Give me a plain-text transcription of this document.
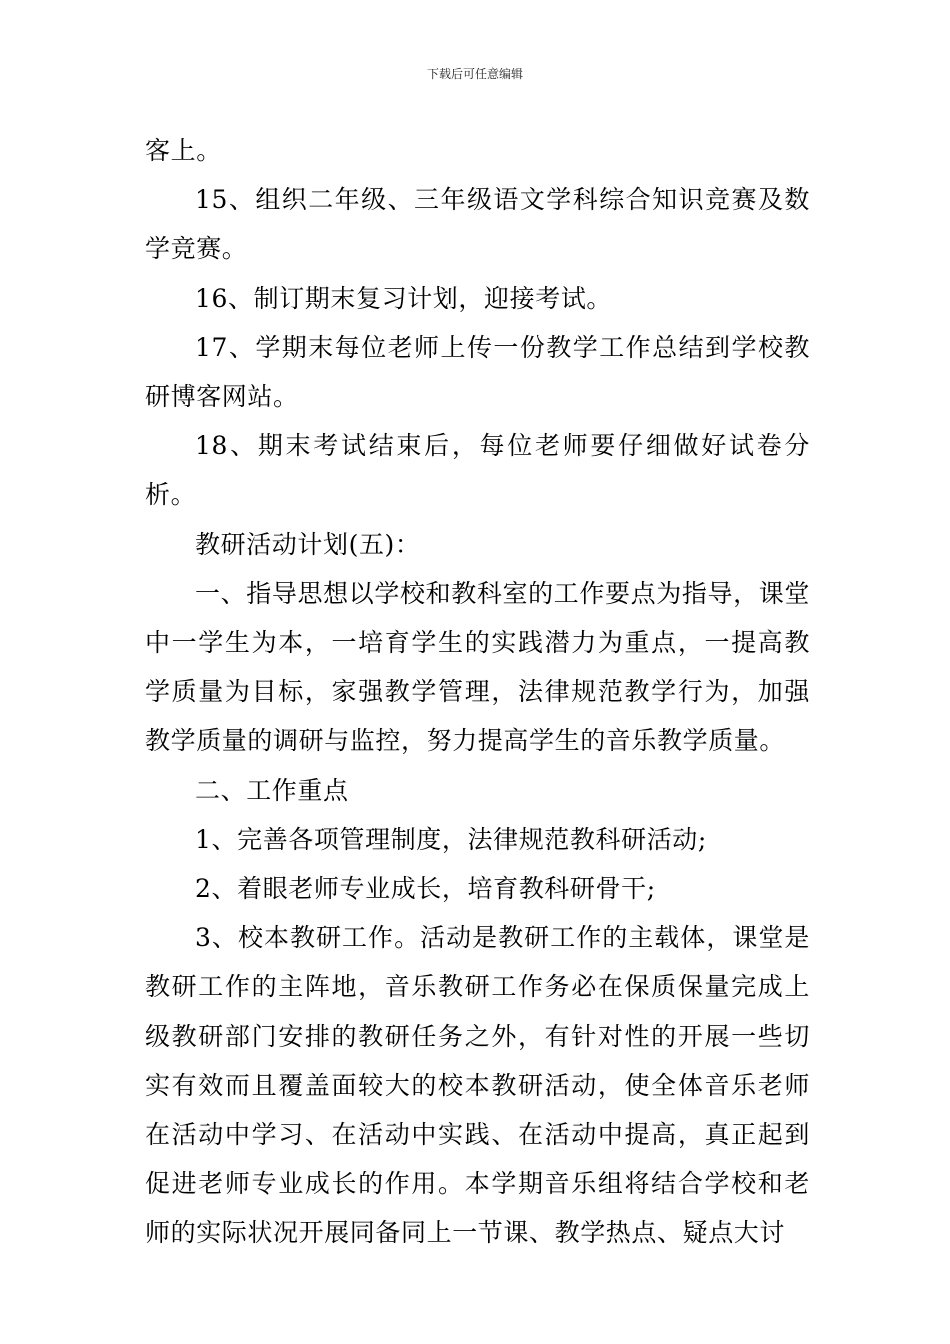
下载后可任意编辑

客上。

15、组织二年级、三年级语文学科综合知识竞赛及数学竞赛。

16、制订期末复习计划，迎接考试。

17、学期末每位老师上传一份教学工作总结到学校教研博客网站。

18、期末考试结束后，每位老师要仔细做好试卷分析。

教研活动计划(五)：

一、指导思想以学校和教科室的工作要点为指导，课堂中一学生为本，一培育学生的实践潜力为重点，一提高教学质量为目标，家强教学管理，法律规范教学行为，加强教学质量的调研与监控，努力提高学生的音乐教学质量。

二、工作重点

1、完善各项管理制度，法律规范教科研活动;

2、着眼老师专业成长，培育教科研骨干;

3、校本教研工作。活动是教研工作的主载体，课堂是教研工作的主阵地，音乐教研工作务必在保质保量完成上级教研部门安排的教研任务之外，有针对性的开展一些切实有效而且覆盖面较大的校本教研活动，使全体音乐老师在活动中学习、在活动中实践、在活动中提高，真正起到促进老师专业成长的作用。本学期音乐组将结合学校和老师的实际状况开展同备同上一节课、教学热点、疑点大讨
